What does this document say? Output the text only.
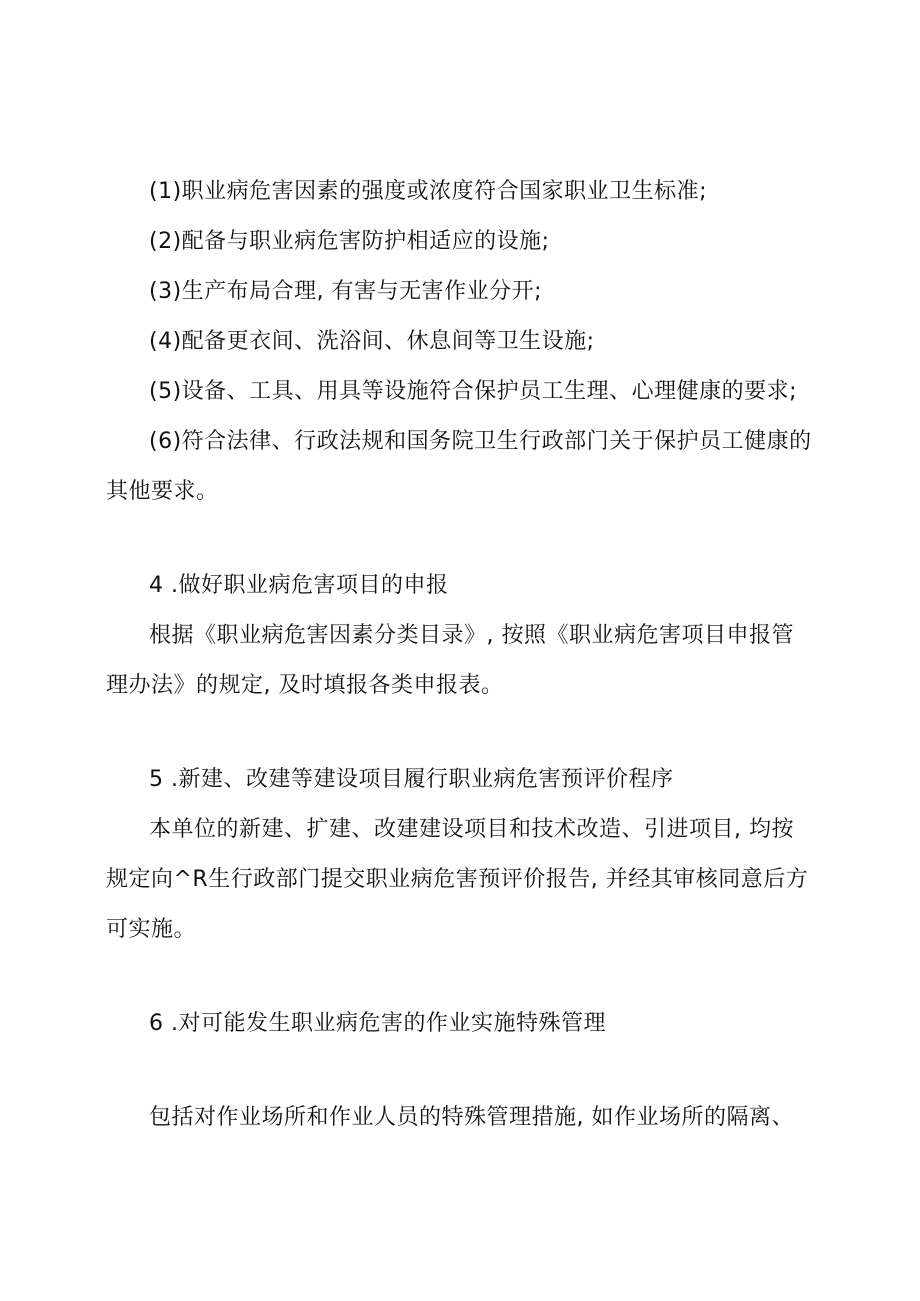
(1)职业病危害因素的强度或浓度符合国家职业卫生标准;
(2)配备与职业病危害防护相适应的设施;
(3)生产布局合理, 有害与无害作业分开;
(4)配备更衣间、洗浴间、休息间等卫生设施;
(5)设备、工具、用具等设施符合保护员工生理、心理健康的要求;
(6)符合法律、行政法规和国务院卫生行政部门关于保护员工健康的
其他要求。
4 .做好职业病危害项目的申报
根据《职业病危害因素分类目录》, 按照《职业病危害项目申报管
理办法》的规定, 及时填报各类申报表。
5 .新建、改建等建设项目履行职业病危害预评价程序
本单位的新建、扩建、改建建设项目和技术改造、引进项目, 均按
规定向^R生行政部门提交职业病危害预评价报告, 并经其审核同意后方
可实施。
6 .对可能发生职业病危害的作业实施特殊管理
包括对作业场所和作业人员的特殊管理措施, 如作业场所的隔离、
